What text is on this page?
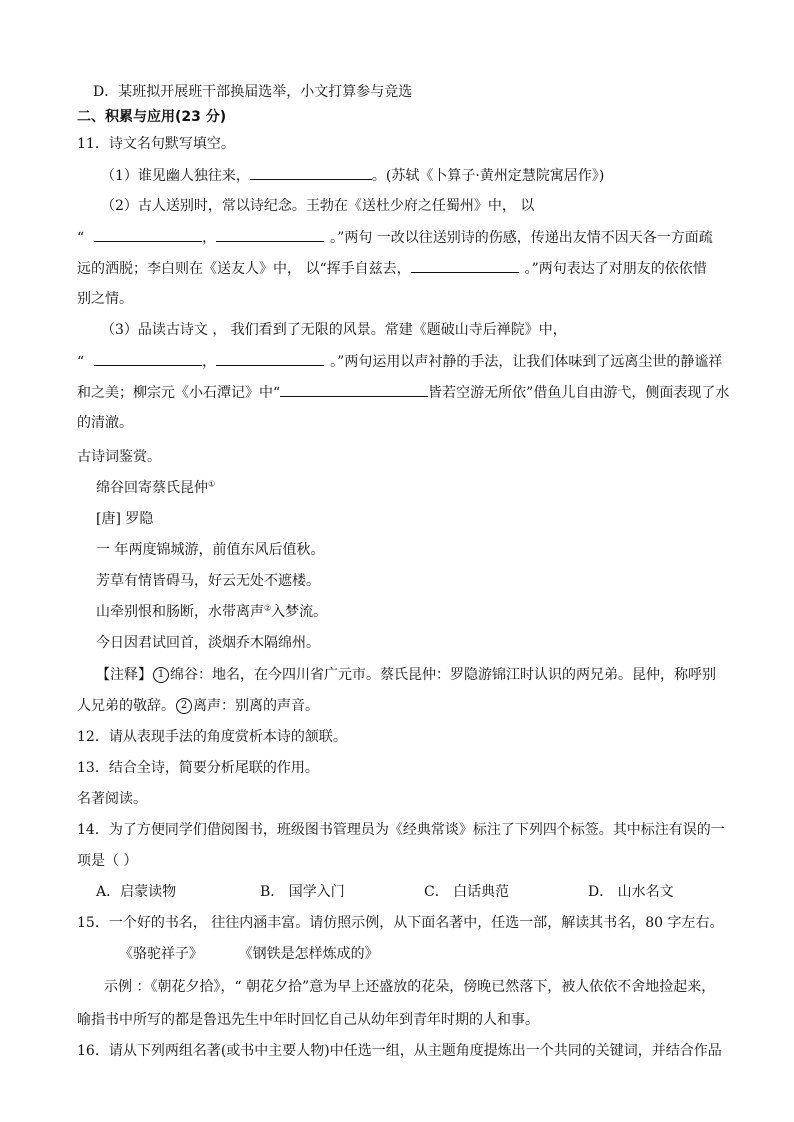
D．某班拟开展班干部换届选举，小文打算参与竞选
二、积累与应用(23 分)
11．诗文名句默写填空。
（1）谁见幽人独往来，	。(苏轼《卜算子·黄州定慧院寓居作》)
（2）古人送别时，常以诗纪念。王勃在《送杜少府之任蜀州》中， 以
“	，	。”两句 一改以往送别诗的伤感，传递出友情不因天各一方面疏
远的洒脱；李白则在《送友人》中， 以“挥手自兹去，	。”两句表达了对朋友的依依惜
别之情。
（3）品读古诗文 ， 我们看到了无限的风景。常建《题破山寺后禅院》中，
“	，	。”两句运用以声衬静的手法，让我们体味到了远离尘世的静谧祥
和之美；柳宗元《小石潭记》中“	皆若空游无所依”借鱼儿自由游弋，侧面表现了水
的清澈。
古诗词鉴赏。
绵谷回寄蔡氏昆仲①
[唐] 罗隐
一 年两度锦城游，前值东风后值秋。
芳草有情皆碍马，好云无处不遮楼。
山牵别恨和肠断，水带离声②入梦流。
今日因君试回首，淡烟乔木隔绵州。
【注释】 1 绵谷：地名，在今四川省广元市。蔡氏昆仲：罗隐游锦江时认识的两兄弟。昆仲，称呼别
人兄弟的敬辞。 2 离声：别离的声音。
12．请从表现手法的角度赏析本诗的颔联。
13．结合全诗，简要分析尾联的作用。
名著阅读。
14．为了方便同学们借阅图书，班级图书管理员为《经典常谈》标注了下列四个标签。其中标注有误的一
项是（ ）
A．启蒙读物	B． 国学入门	C． 白话典范	D． 山水名文
15．一个好的书名， 往往内涵丰富。请仿照示例，从下面名著中，任选一部，解读其书名，80 字左右。
《骆驼祥子》        《钢铁是怎样炼成的》
示例 ：《朝花夕拾》，“ 朝花夕拾”意为早上还盛放的花朵，傍晚已然落下，被人依依不舍地捡起来，
喻指书中所写的都是鲁迅先生中年时回忆自己从幼年到青年时期的人和事。
16．请从下列两组名著(或书中主要人物)中任选一组，从主题角度提炼出一个共同的关键词，并结合作品
